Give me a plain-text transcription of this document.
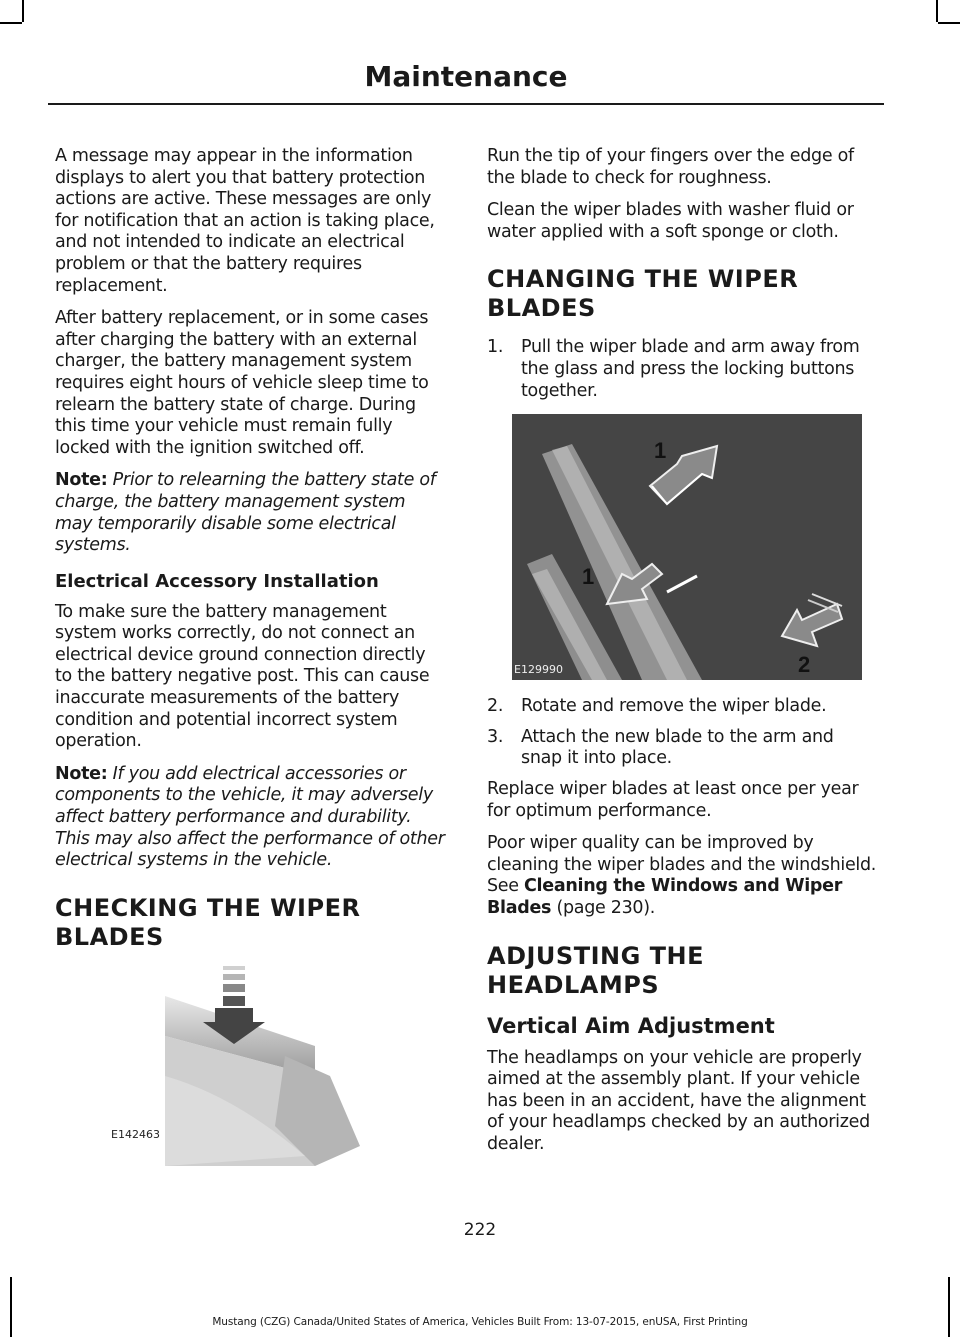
Maintenance

A message may appear in the information displays to alert you that battery protection actions are active. These messages are only for notification that an action is taking place, and not intended to indicate an electrical problem or that the battery requires replacement.

After battery replacement, or in some cases after charging the battery with an external charger, the battery management system requires eight hours of vehicle sleep time to relearn the battery state of charge. During this time your vehicle must remain fully locked with the ignition switched off.

Note: Prior to relearning the battery state of charge, the battery management system may temporarily disable some electrical systems.

Electrical Accessory Installation

To make sure the battery management system works correctly, do not connect an electrical device ground connection directly to the battery negative post. This can cause inaccurate measurements of the battery condition and potential incorrect system operation.

Note: If you add electrical accessories or components to the vehicle, it may adversely affect battery performance and durability. This may also affect the performance of other electrical systems in the vehicle.

CHECKING THE WIPER BLADES
E142463

Run the tip of your fingers over the edge of the blade to check for roughness.

Clean the wiper blades with washer fluid or water applied with a soft sponge or cloth.

CHANGING THE WIPER BLADES
1.	Pull the wiper blade and arm away from the glass and press the locking buttons together.
1
1
2
E129990
2.	Rotate and remove the wiper blade.
3.	Attach the new blade to the arm and snap it into place.

Replace wiper blades at least once per year for optimum performance.

Poor wiper quality can be improved by cleaning the wiper blades and the windshield. See Cleaning the Windows and Wiper Blades (page 230).

ADJUSTING THE HEADLAMPS
Vertical Aim Adjustment

The headlamps on your vehicle are properly aimed at the assembly plant. If your vehicle has been in an accident, have the alignment of your headlamps checked by an authorized dealer.

222
Mustang (CZG) Canada/United States of America, Vehicles Built From: 13-07-2015, enUSA, First Printing
